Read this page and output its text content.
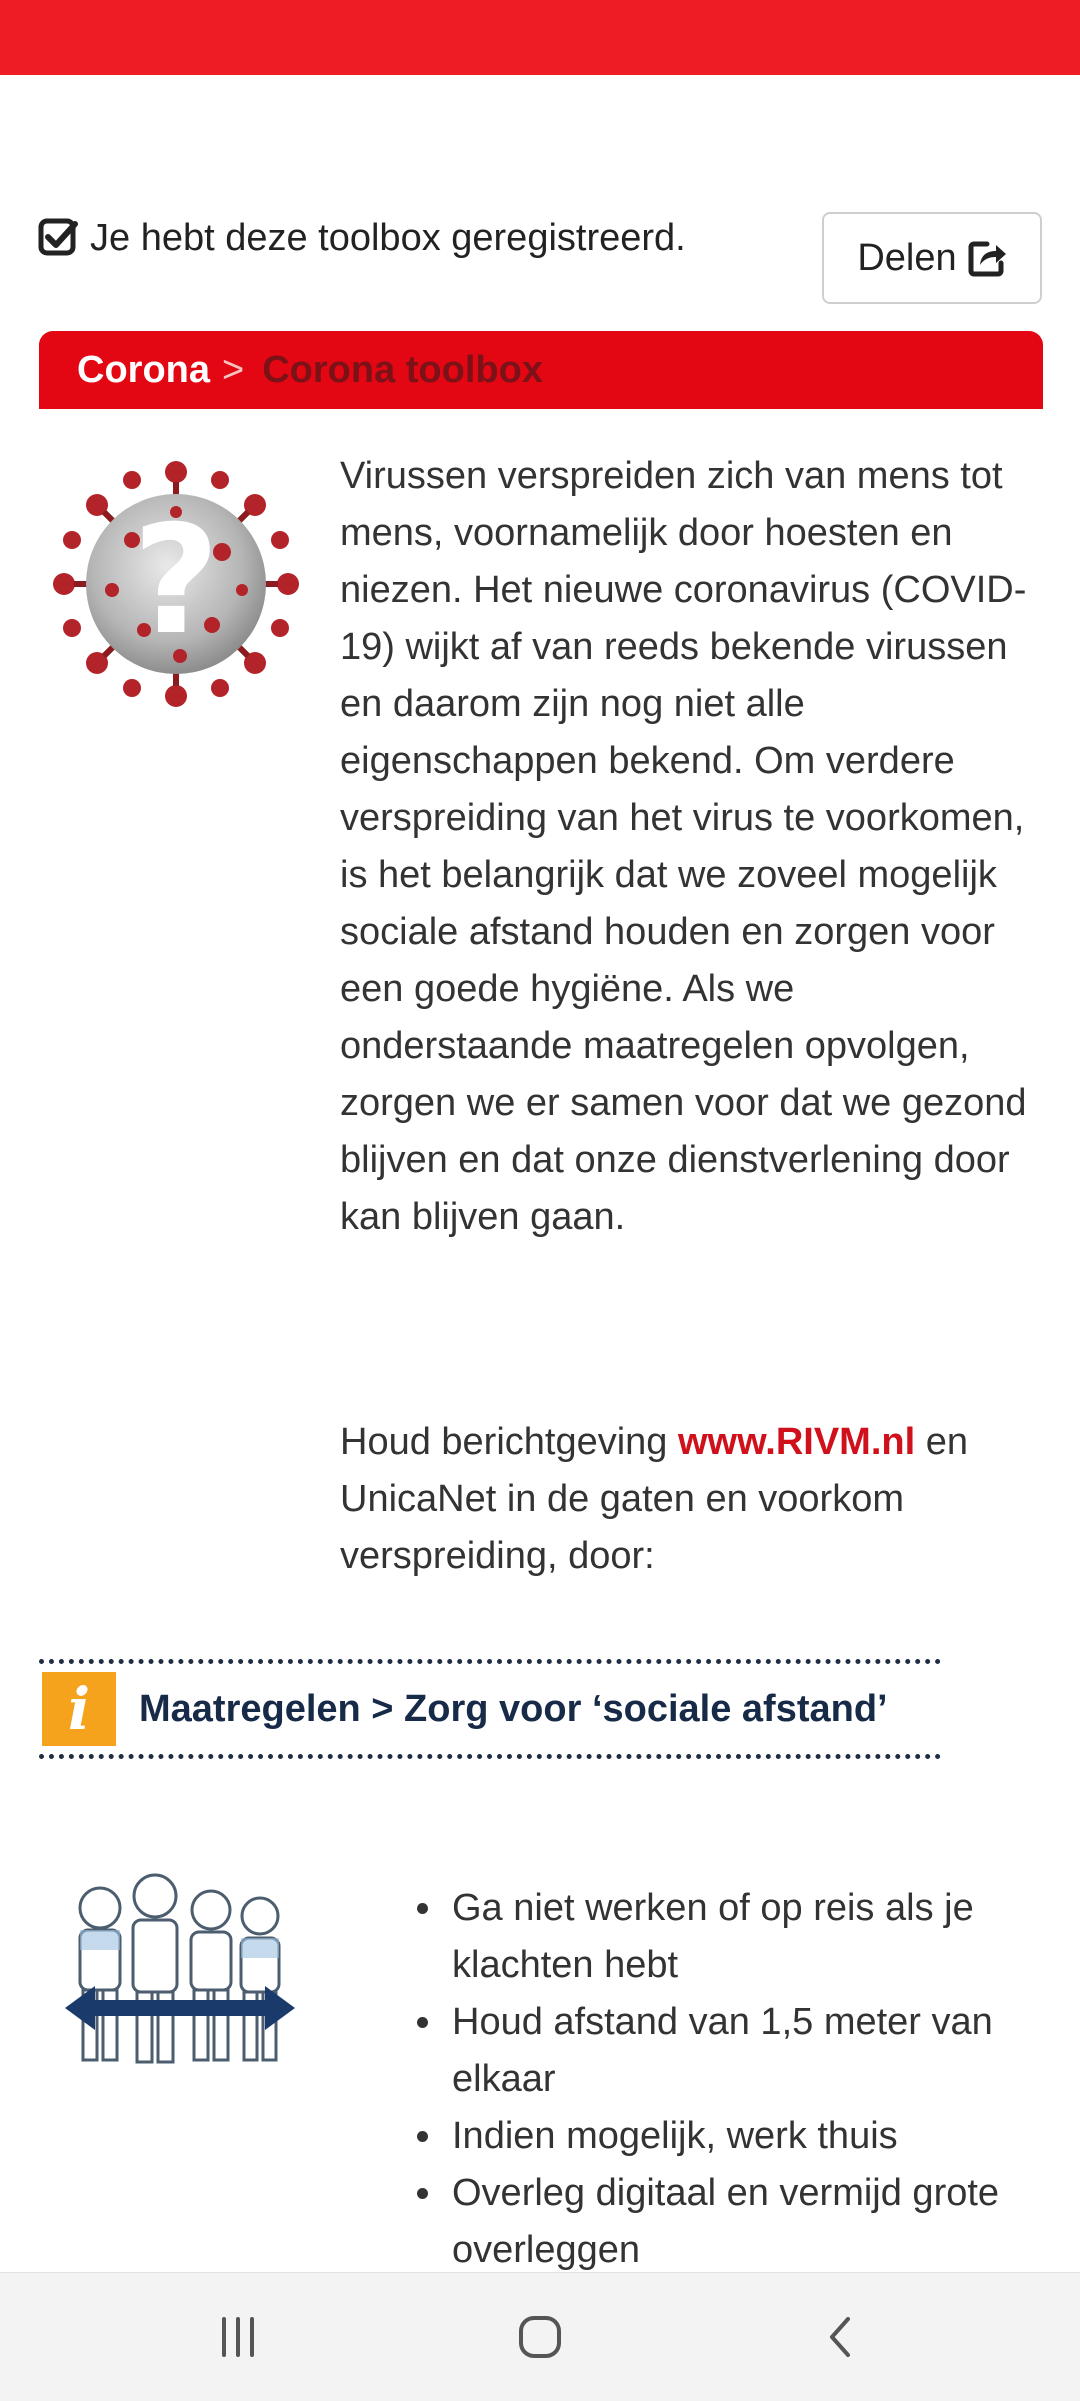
Je hebt deze toolbox geregistreerd.	Delen
Corona > Corona toolbox
?

Virussen verspreiden zich van mens tot mens, voornamelijk door hoesten en niezen. Het nieuwe coronavirus (COVID-19) wijkt af van reeds bekende virussen en daarom zijn nog niet alle eigenschappen bekend. Om verdere verspreiding van het virus te voorkomen, is het belangrijk dat we zoveel mogelijk sociale afstand houden en zorgen voor een goede hygiëne. Als we onderstaande maatregelen opvolgen, zorgen we er samen voor dat we gezond blijven en dat onze dienstverlening door kan blijven gaan.

Houd berichtgeving www.RIVM.nl en UnicaNet in de gaten en voorkom verspreiding, door:

i	Maatregelen > Zorg voor ‘sociale afstand’
• Ga niet werken of op reis als je klachten hebt
• Houd afstand van 1,5 meter van elkaar
• Indien mogelijk, werk thuis
• Overleg digitaal en vermijd grote overleggen
